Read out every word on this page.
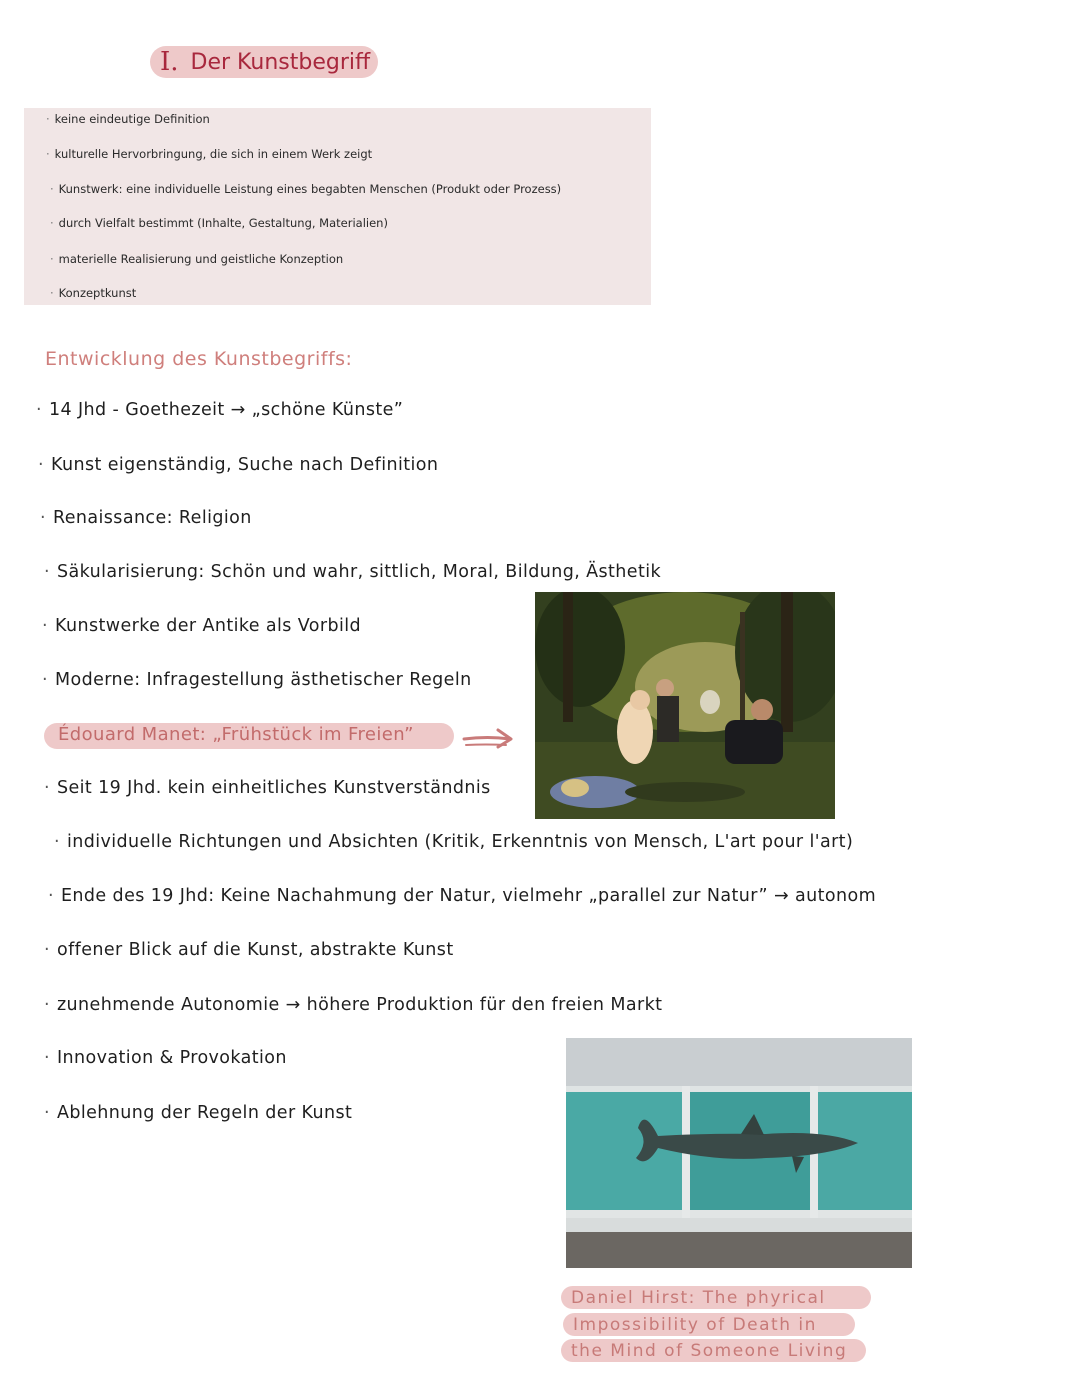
I. Der Kunstbegriff
· keine eindeutige Definition
· kulturelle Hervorbringung, die sich in einem Werk zeigt
· Kunstwerk: eine individuelle Leistung eines begabten Menschen (Produkt oder Prozess)
· durch Vielfalt bestimmt (Inhalte, Gestaltung, Materialien)
· materielle Realisierung und geistliche Konzeption
· Konzeptkunst
Entwicklung des Kunstbegriffs:
· 14 Jhd - Goethezeit → „schöne Künste”
· Kunst eigenständig, Suche nach Definition
· Renaissance: Religion
· Säkularisierung: Schön und wahr, sittlich, Moral, Bildung, Ästhetik
· Kunstwerke der Antike als Vorbild
· Moderne: Infragestellung ästhetischer Regeln
Édouard Manet: „Frühstück im Freien”
· Seit 19 Jhd. kein einheitliches Kunstverständnis
· individuelle Richtungen und Absichten (Kritik, Erkenntnis von Mensch, L'art pour l'art)
· Ende des 19 Jhd: Keine Nachahmung der Natur, vielmehr „parallel zur Natur” → autonom
· offener Blick auf die Kunst, abstrakte Kunst
· zunehmende Autonomie → höhere Produktion für den freien Markt
· Innovation & Provokation
· Ablehnung der Regeln der Kunst
Daniel Hirst: The phyrical
Impossibility of Death in
the Mind of Someone Living
